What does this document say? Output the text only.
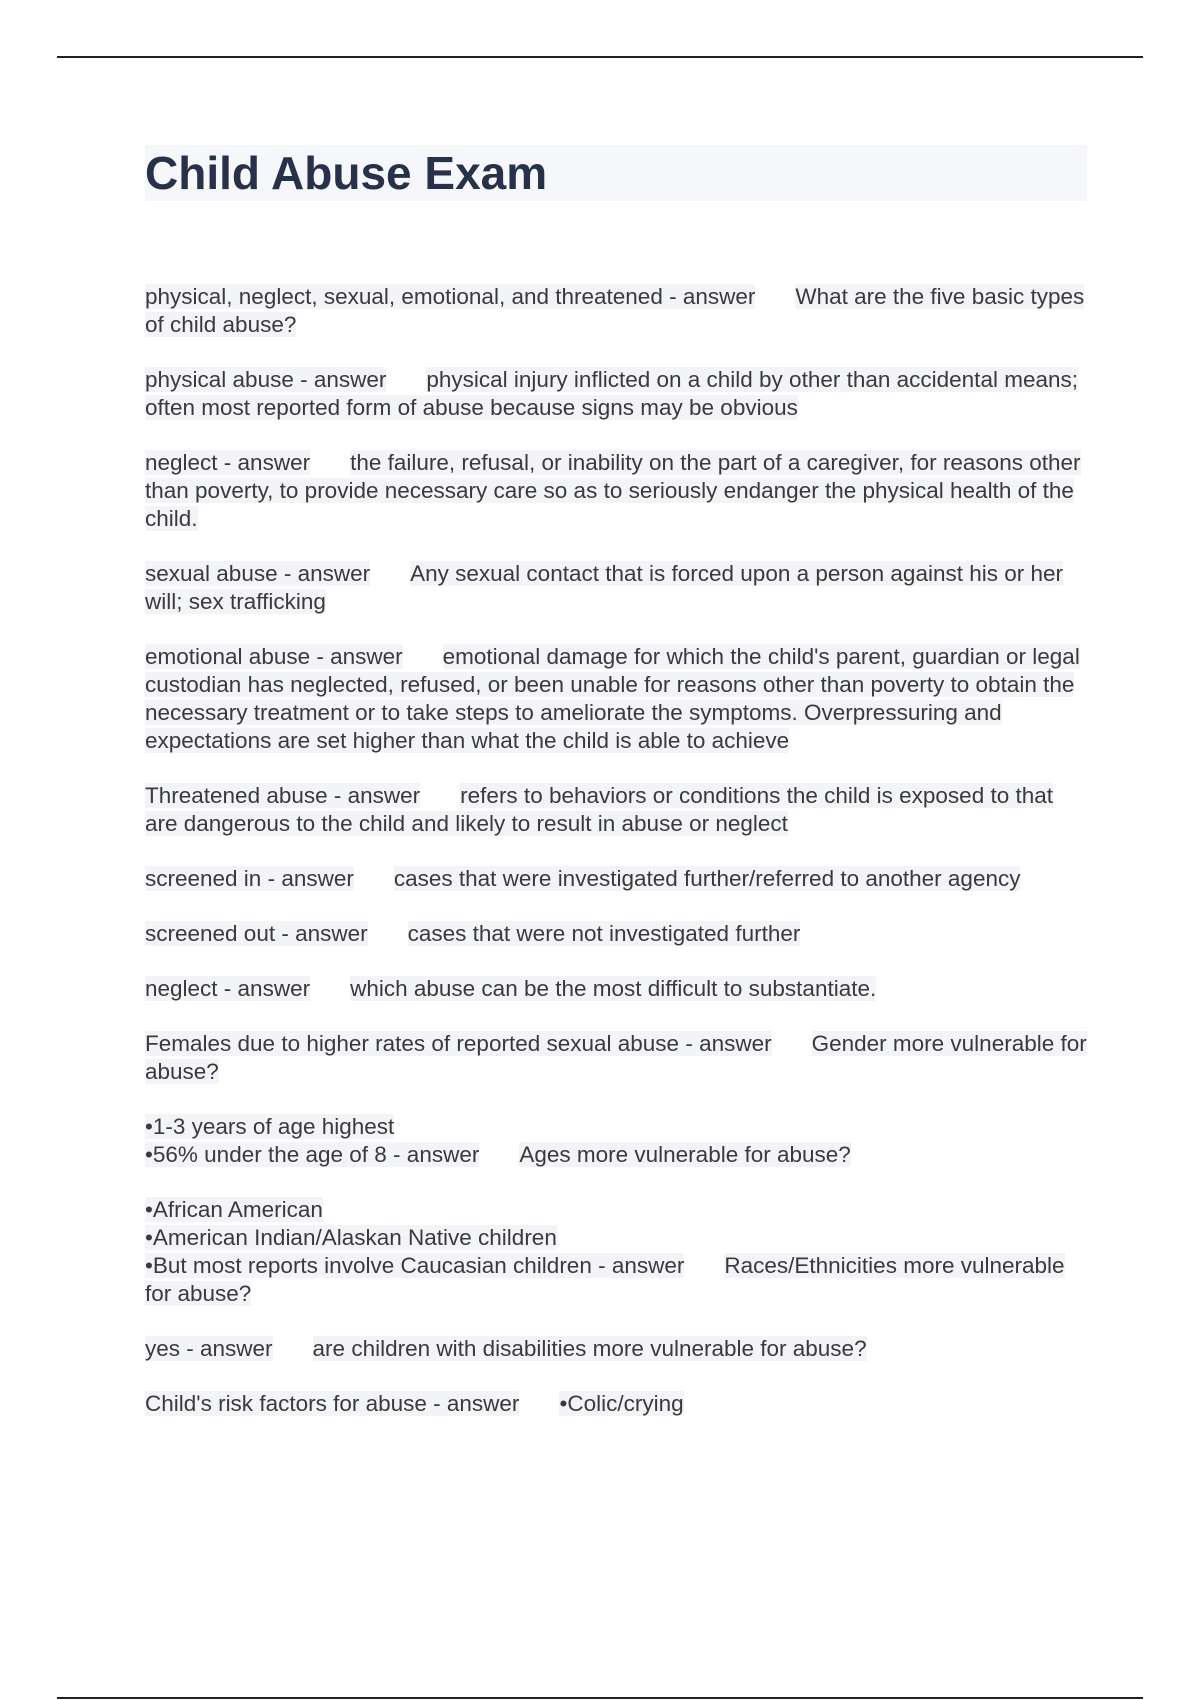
Child Abuse Exam

physical, neglect, sexual, emotional, and threatened - answer What are the five basic types of child abuse?

physical abuse - answer physical injury inflicted on a child by other than accidental means; often most reported form of abuse because signs may be obvious

neglect - answer the failure, refusal, or inability on the part of a caregiver, for reasons other than poverty, to provide necessary care so as to seriously endanger the physical health of the child.

sexual abuse - answer Any sexual contact that is forced upon a person against his or her will; sex trafficking

emotional abuse - answer emotional damage for which the child's parent, guardian or legal custodian has neglected, refused, or been unable for reasons other than poverty to obtain the necessary treatment or to take steps to ameliorate the symptoms. Overpressuring and expectations are set higher than what the child is able to achieve

Threatened abuse - answer refers to behaviors or conditions the child is exposed to that are dangerous to the child and likely to result in abuse or neglect

screened in - answer cases that were investigated further/referred to another agency

screened out - answer cases that were not investigated further

neglect - answer which abuse can be the most difficult to substantiate.

Females due to higher rates of reported sexual abuse - answer Gender more vulnerable for abuse?

•1-3 years of age highest
•56% under the age of 8 - answer Ages more vulnerable for abuse?

•African American
•American Indian/Alaskan Native children
•But most reports involve Caucasian children - answer Races/Ethnicities more vulnerable for abuse?

yes - answer are children with disabilities more vulnerable for abuse?

Child's risk factors for abuse - answer •Colic/crying
